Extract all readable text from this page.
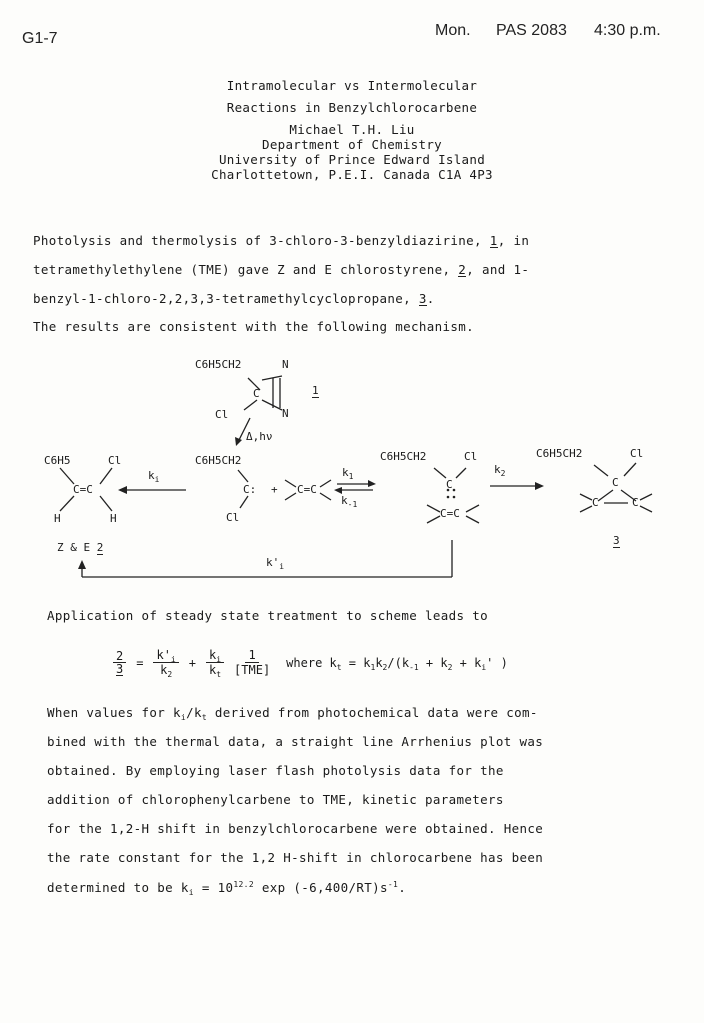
G1-7	Mon. PAS 2083 4:30 p.m.
Intramolecular vs Intermolecular
Reactions in Benzylchlorocarbene
Michael T.H. Liu
Department of Chemistry
University of Prince Edward Island
Charlottetown, P.E.I. Canada C1A 4P3
Photolysis and thermolysis of 3-chloro-3-benzyldiazirine, 1, in
tetramethylethylene (TME) gave Z and E chlorostyrene, 2, and 1-
benzyl-1-chloro-2,2,3,3-tetramethylcyclopropane, 3.
The results are consistent with the following mechanism.
C6H5CH2	N
C	1
N
Cl
Δ,hν
C6H5	Cl
C=C
H	H
Z & E 2
$k_i$
C6H5CH2
C:
Cl
+ C=C
$k_1$
$k_{-1}$
C6H5CH2	Cl
C
C=C
$k_2$
C6H5CH2	Cl
C
C	C
3
$k'_i$
Application of steady state treatment to scheme leads to
$\frac{2}{3} = \frac{k'_i}{k_2} + \frac{k_i}{k_t} \frac{1}{\text{[TME]}}$ where $k_t = k_1k_2/(k_{-1} + k_2 + k_i'$ )
When values for $k_i/k_t$ derived from photochemical data were com-
bined with the thermal data, a straight line Arrhenius plot was
obtained. By employing laser flash photolysis data for the
addition of chlorophenylcarbene to TME, kinetic parameters
for the 1,2-H shift in benzylchlorocarbene were obtained. Hence
the rate constant for the 1,2 H-shift in chlorocarbene has been
determined to be $k_i = 10^{12.2}$ $\exp (-6,400/RT)s^{-1}$.
